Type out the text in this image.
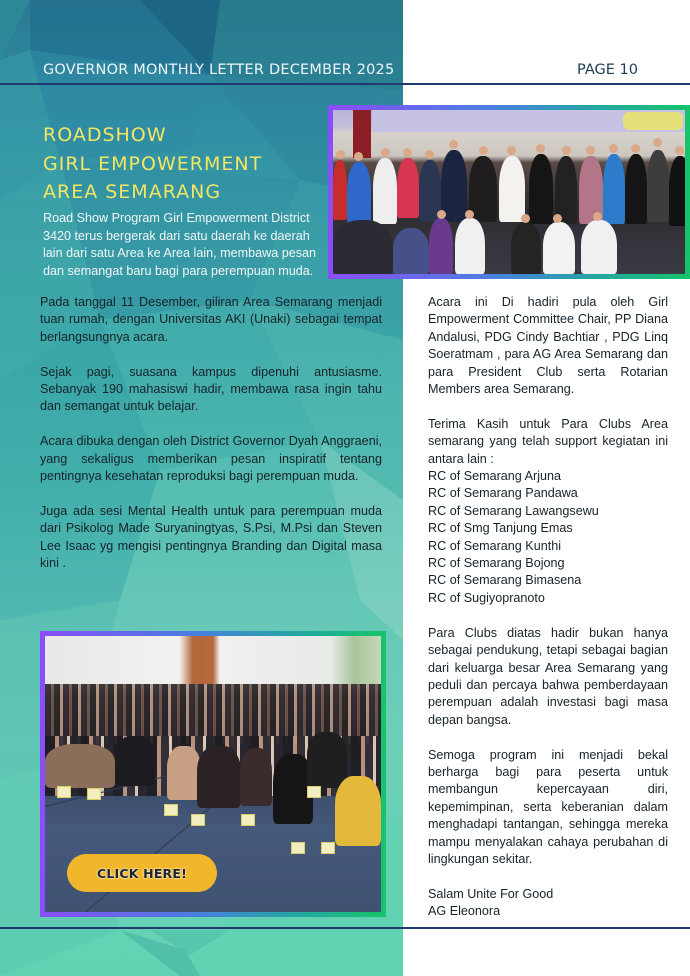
GOVERNOR MONTHLY LETTER DECEMBER 2025	PAGE 10
ROADSHOW
GIRL EMPOWERMENT
AREA SEMARANG
Road Show Program Girl Empowerment District 3420 terus bergerak dari satu daerah ke daerah lain dari satu Area ke Area lain, membawa pesan dan semangat baru bagi para perempuan muda.

Pada tanggal 11 Desember, giliran Area Semarang menjadi tuan rumah, dengan Universitas AKI (Unaki) sebagai tempat berlangsungnya acara.

Sejak pagi, suasana kampus dipenuhi antusiasme. Sebanyak 190 mahasiswi hadir, membawa rasa ingin tahu dan semangat untuk belajar.

Acara dibuka dengan oleh District Governor Dyah Anggraeni, yang sekaligus memberikan pesan inspiratif tentang pentingnya kesehatan reproduksi bagi perempuan muda.

Juga ada sesi Mental Health untuk para perempuan muda dari Psikolog Made Suryaningtyas, S.Psi, M.Psi dan Steven Lee Isaac yg mengisi pentingnya Branding dan Digital masa kini .

Acara ini Di hadiri pula oleh Girl Empowerment Committee Chair, PP Diana Andalusi, PDG Cindy Bachtiar , PDG Linq Soeratmam , para AG Area Semarang dan para President Club serta Rotarian Members area Semarang.

Terima Kasih untuk Para Clubs Area semarang yang telah support kegiatan ini antara lain :
RC of Semarang Arjuna
RC of Semarang Pandawa
RC of Semarang Lawangsewu
RC of Smg Tanjung Emas
RC of Semarang Kunthi
RC of Semarang Bojong
RC of Semarang Bimasena
RC of Sugiyopranoto

Para Clubs diatas hadir bukan hanya sebagai pendukung, tetapi sebagai bagian dari keluarga besar Area Semarang yang peduli dan percaya bahwa pemberdayaan perempuan adalah investasi bagi masa depan bangsa.

Semoga program ini menjadi bekal berharga bagi para peserta untuk membangun kepercayaan diri, kepemimpinan, serta keberanian dalam menghadapi tantangan, sehingga mereka mampu menyalakan cahaya perubahan di lingkungan sekitar.

Salam Unite For Good
AG Eleonora
CLICK HERE!
